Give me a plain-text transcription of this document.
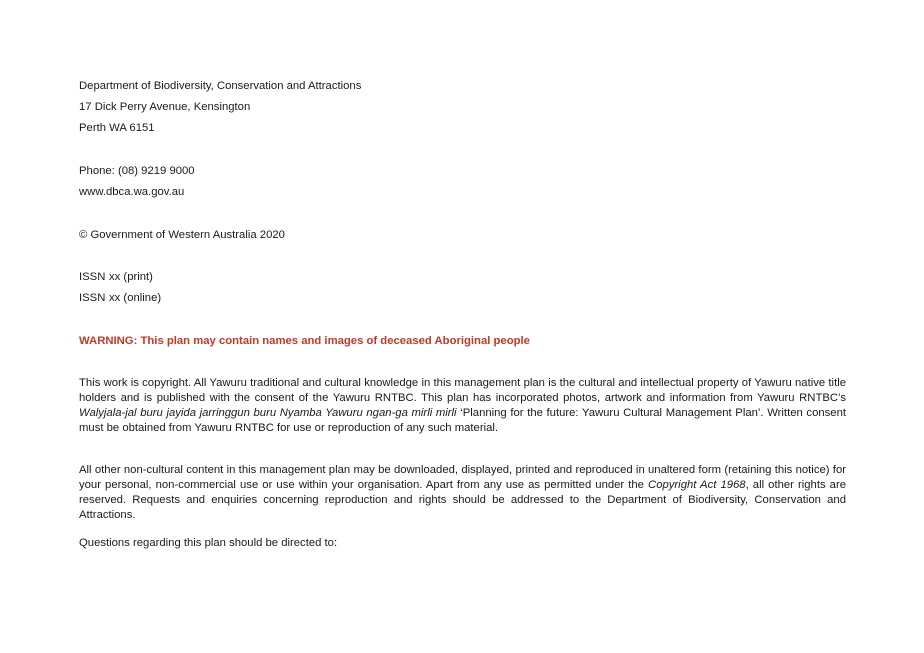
Department of Biodiversity, Conservation and Attractions
17 Dick Perry Avenue, Kensington
Perth WA 6151
Phone: (08) 9219 9000
www.dbca.wa.gov.au
© Government of Western Australia 2020
ISSN xx (print)
ISSN xx (online)
WARNING: This plan may contain names and images of deceased Aboriginal people
This work is copyright. All Yawuru traditional and cultural knowledge in this management plan is the cultural and intellectual property of Yawuru native title holders and is published with the consent of the Yawuru RNTBC. This plan has incorporated photos, artwork and information from Yawuru RNTBC’s Walyjala-jal buru jayida jarringgun buru Nyamba Yawuru ngan-ga mirli mirli ‘Planning for the future: Yawuru Cultural Management Plan’. Written consent must be obtained from Yawuru RNTBC for use or reproduction of any such material.
All other non-cultural content in this management plan may be downloaded, displayed, printed and reproduced in unaltered form (retaining this notice) for your personal, non-commercial use or use within your organisation. Apart from any use as permitted under the Copyright Act 1968, all other rights are reserved. Requests and enquiries concerning reproduction and rights should be addressed to the Department of Biodiversity, Conservation and Attractions.
Questions regarding this plan should be directed to:
